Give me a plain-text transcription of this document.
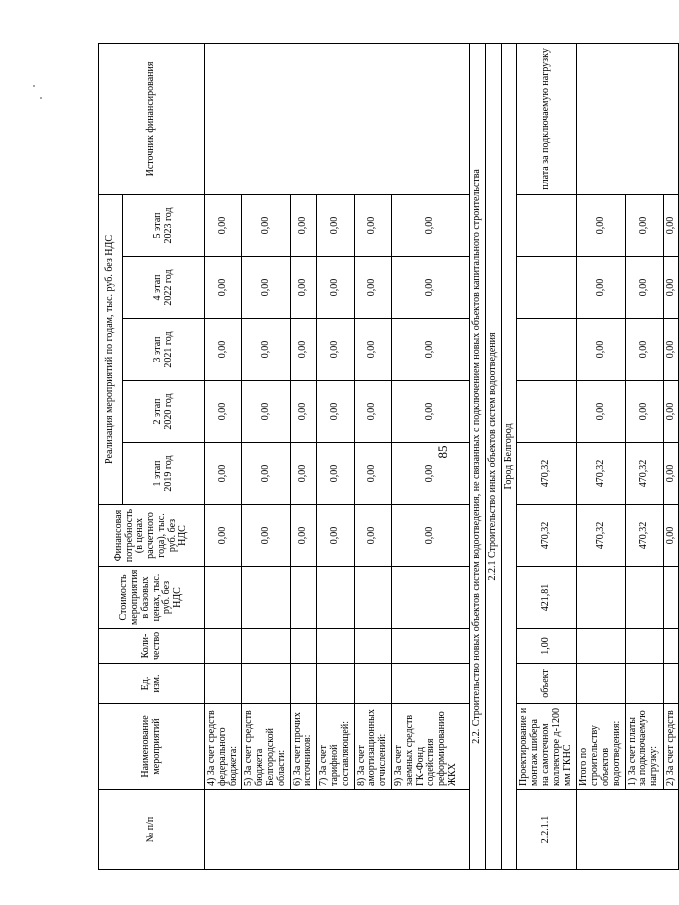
85
№ п/п	Наименование мероприятий	Ед. изм.	Коли-чество	Стоимость мероприятия в базовых ценах, тыс. руб. без НДС	Финансовая потребность (в ценах расчетного года), тыс. руб. без НДС	Реализация мероприятий по годам, тыс. руб. без НДС					Источник финансирования

						1 этап 2019 год	2 этап 2020 год	3 этап 2021 год	4 этап 2022 год	5 этап 2023 год	

	4) За счет средств федерального бюджета:				0,00	0,00	0,00	0,00	0,00	0,00	
	5) За счет средств бюджета Белгородской области:				0,00	0,00	0,00	0,00	0,00	0,00	
	6) За счет прочих источников:				0,00	0,00	0,00	0,00	0,00	0,00	
	7) За счет тарифной составляющей:				0,00	0,00	0,00	0,00	0,00	0,00	
	8) За счет амортизационных отчислений:				0,00	0,00	0,00	0,00	0,00	0,00	
	9) За счет заемных средств ГК-Фонд содействия реформированию ЖКХ				0,00	0,00	0,00	0,00	0,00	0,00	
2.2. Строительство новых объектов систем водоотведения, не связанных с подключением новых объектов капитального строительства											
2.2.1 Строительство иных объектов систем водоотведения											
Город Белгород											
2.2.1.1	Проектирование и монтаж шибера на самотечном коллекторе д-1200 мм ГКНС	объект	1,00	421,81	470,32	470,32					плата за подключаемую нагрузку
	Итого по строительству объектов водоотведения:				470,32	470,32	0,00	0,00	0,00	0,00	
	1) За счет платы за подключаемую нагрузку:				470,32	470,32	0,00	0,00	0,00	0,00	
	2) За счет средств				0,00	0,00	0,00	0,00	0,00	0,00	
